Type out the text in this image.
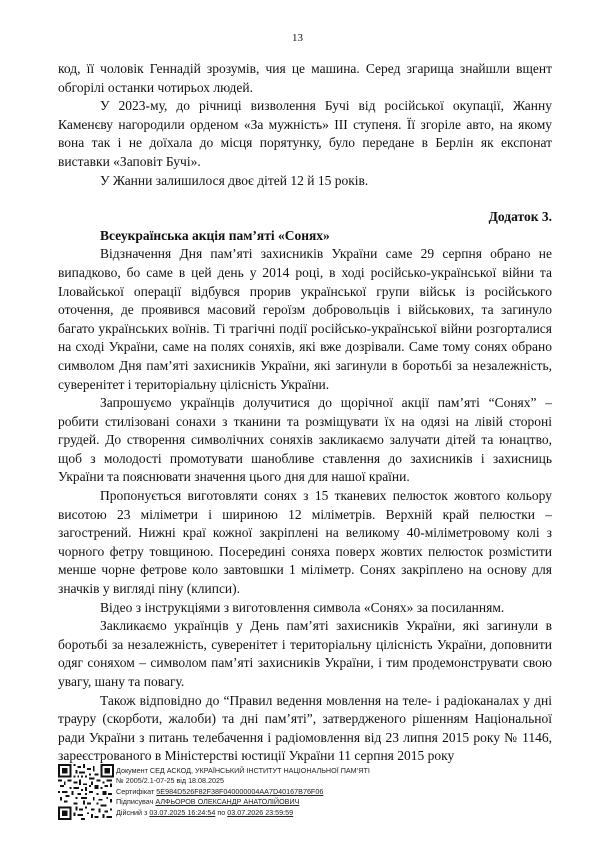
13

код, її чоловік Геннадій зрозумів, чия це машина. Серед згарища знайшли вщент обгорілі останки чотирьох людей.

У 2023-му, до річниці визволення Бучі від російської окупації, Жанну Каменєву нагородили орденом «За мужність» ІІІ ступеня. Її згоріле авто, на якому вона так і не доїхала до місця порятунку, було передане в Берлін як експонат виставки «Заповіт Бучі».

У Жанни залишилося двоє дітей 12 й 15 років.

Додаток 3.

Всеукраїнська акція пам’яті «Сонях»

Відзначення Дня пам’яті захисників України саме 29 серпня обрано не випадково, бо саме в цей день у 2014 році, в ході російсько-української війни та Іловайської операції відбувся прорив української групи військ із російського оточення, де проявився масовий героїзм добровольців і військових, та загинуло багато українських воїнів. Ті трагічні події російсько-української війни розгорталися на сході України, саме на полях соняхів, які вже дозрівали. Саме тому сонях обрано символом Дня пам’яті захисників України, які загинули в боротьбі за незалежність, суверенітет і територіальну цілісність України.

Запрошуємо українців долучитися до щорічної акції пам’яті “Сонях” – робити стилізовані сонахи з тканини та розміщувати їх на одязі на лівій стороні грудей. До створення символічних соняхів закликаємо залучати дітей та юнацтво, щоб з молодості промотувати шанобливе ставлення до захисників і захисниць України та пояснювати значення цього дня для нашої країни.

Пропонується виготовляти сонях з 15 тканевих пелюсток жовтого кольору висотою 23 міліметри і шириною 12 міліметрів. Верхній край пелюстки – загострений. Нижні краї кожної закріплені на великому 40-міліметровому колі з чорного фетру товщиною. Посередині соняха поверх жовтих пелюсток розмістити менше чорне фетрове коло завтовшки 1 міліметр. Сонях закріплено на основу для значків у вигляді піну (клипси).

Відео з інструкціями з виготовлення символа «Сонях» за посиланням.

Закликаємо українців у День пам’яті захисників України, які загинули в боротьбі за незалежність, суверенітет і територіальну цілісність України, доповнити одяг соняхом – символом пам’яті захисників України, і тим продемонструвати свою увагу, шану та повагу.

Також відповідно до “Правил ведення мовлення на теле- і радіоканалах у дні трауру (скорботи, жалоби) та дні пам’яті”, затвердженого рішенням Національної ради України з питань телебачення і радіомовлення від 23 липня 2015 року № 1146, зареєстрованого в Міністерстві юстиції України 11 серпня 2015 року

Документ СЕД АСКОД, УКРАЇНСЬКИЙ ІНСТИТУТ НАЦІОНАЛЬНОЇ ПАМ’ЯТІ
№ 2005/2.1-07-25 від 18.08.2025
Сертифікат 5E984D526F82F38F040000004AA7D40167B76F06
Підписувач АЛФЬОРОВ ОЛЕКСАНДР АНАТОЛІЙОВИЧ
Дійсний з 03.07.2025 16:24:54 по 03.07.2026 23:59:59
